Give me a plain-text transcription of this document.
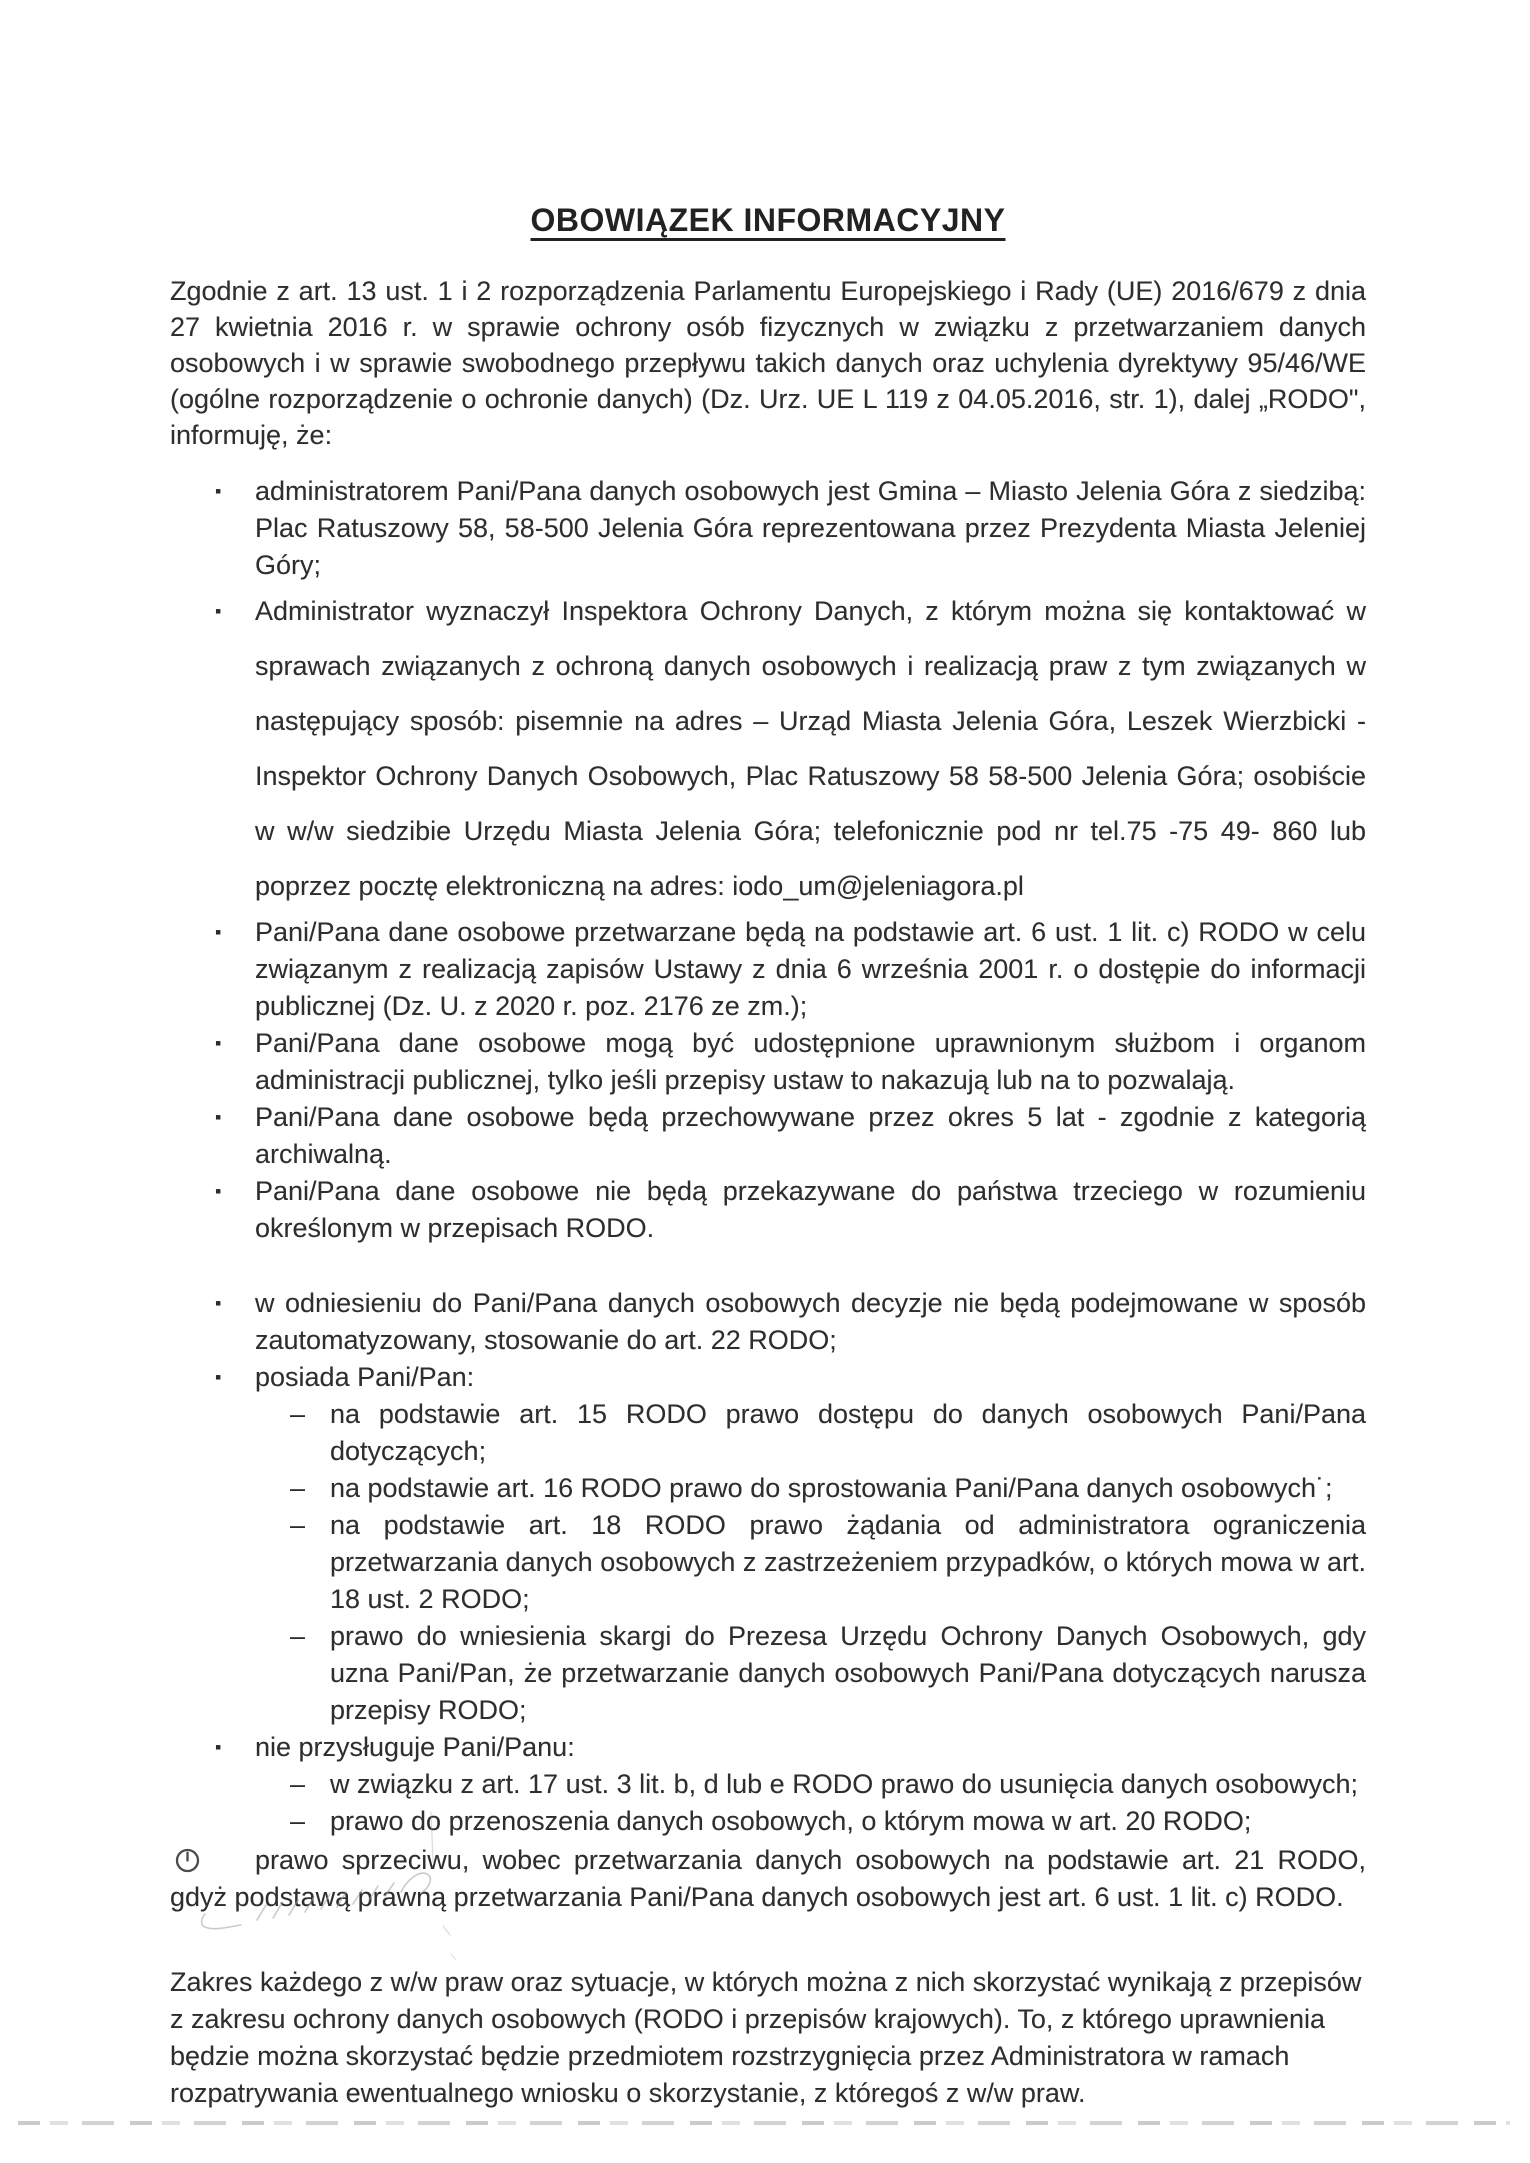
OBOWIĄZEK INFORMACYJNY

Zgodnie z art. 13 ust. 1 i 2 rozporządzenia Parlamentu Europejskiego i Rady (UE) 2016/679 z dnia 27 kwietnia 2016 r. w sprawie ochrony osób fizycznych w związku z przetwarzaniem danych osobowych i w sprawie swobodnego przepływu takich danych oraz uchylenia dyrektywy 95/46/WE (ogólne rozporządzenie o ochronie danych) (Dz. Urz. UE L 119 z 04.05.2016, str. 1), dalej „RODO", informuję, że:

▪	administratorem Pani/Pana danych osobowych jest Gmina – Miasto Jelenia Góra z siedzibą: Plac Ratuszowy 58, 58-500 Jelenia Góra reprezentowana przez Prezydenta Miasta Jeleniej Góry;
▪	Administrator wyznaczył Inspektora Ochrony Danych, z którym można się kontaktować w sprawach związanych z ochroną danych osobowych i realizacją praw z tym związanych w następujący sposób: pisemnie na adres – Urząd Miasta Jelenia Góra, Leszek Wierzbicki - Inspektor Ochrony Danych Osobowych, Plac Ratuszowy 58 58-500 Jelenia Góra; osobiście w w/w siedzibie Urzędu Miasta Jelenia Góra; telefonicznie pod nr tel.75 -75 49- 860 lub poprzez pocztę elektroniczną na adres: iodo_um@jeleniagora.pl
▪	Pani/Pana dane osobowe przetwarzane będą na podstawie art. 6 ust. 1 lit. c) RODO w celu związanym z realizacją zapisów Ustawy z dnia 6 września 2001 r. o dostępie do informacji publicznej (Dz. U. z 2020 r. poz. 2176 ze zm.);
▪	Pani/Pana dane osobowe mogą być udostępnione uprawnionym służbom i organom administracji publicznej, tylko jeśli przepisy ustaw to nakazują lub na to pozwalają.
▪	Pani/Pana dane osobowe będą przechowywane przez okres 5 lat - zgodnie z kategorią archiwalną.
▪	Pani/Pana dane osobowe nie będą przekazywane do państwa trzeciego w rozumieniu określonym w przepisach RODO.
▪	w odniesieniu do Pani/Pana danych osobowych decyzje nie będą podejmowane w sposób zautomatyzowany, stosowanie do art. 22 RODO;
▪	posiada Pani/Pan:
– na podstawie art. 15 RODO prawo dostępu do danych osobowych Pani/Pana dotyczących;
– na podstawie art. 16 RODO prawo do sprostowania Pani/Pana danych osobowych˙;
– na podstawie art. 18 RODO prawo żądania od administratora ograniczenia przetwarzania danych osobowych z zastrzeżeniem przypadków, o których mowa w art. 18 ust. 2 RODO;
– prawo do wniesienia skargi do Prezesa Urzędu Ochrony Danych Osobowych, gdy uzna Pani/Pan, że przetwarzanie danych osobowych Pani/Pana dotyczących narusza przepisy RODO;
▪	nie przysługuje Pani/Panu:
– w związku z art. 17 ust. 3 lit. b, d lub e RODO prawo do usunięcia danych osobowych;
– prawo do przenoszenia danych osobowych, o którym mowa w art. 20 RODO;

prawo sprzeciwu, wobec przetwarzania danych osobowych na podstawie art. 21 RODO, gdyż podstawą prawną przetwarzania Pani/Pana danych osobowych jest art. 6 ust. 1 lit. c) RODO.

Zakres każdego z w/w praw oraz sytuacje, w których można z nich skorzystać wynikają z przepisów z zakresu ochrony danych osobowych (RODO i przepisów krajowych). To, z którego uprawnienia będzie można skorzystać będzie przedmiotem rozstrzygnięcia przez Administratora w ramach rozpatrywania ewentualnego wniosku o skorzystanie, z któregoś z w/w praw.
